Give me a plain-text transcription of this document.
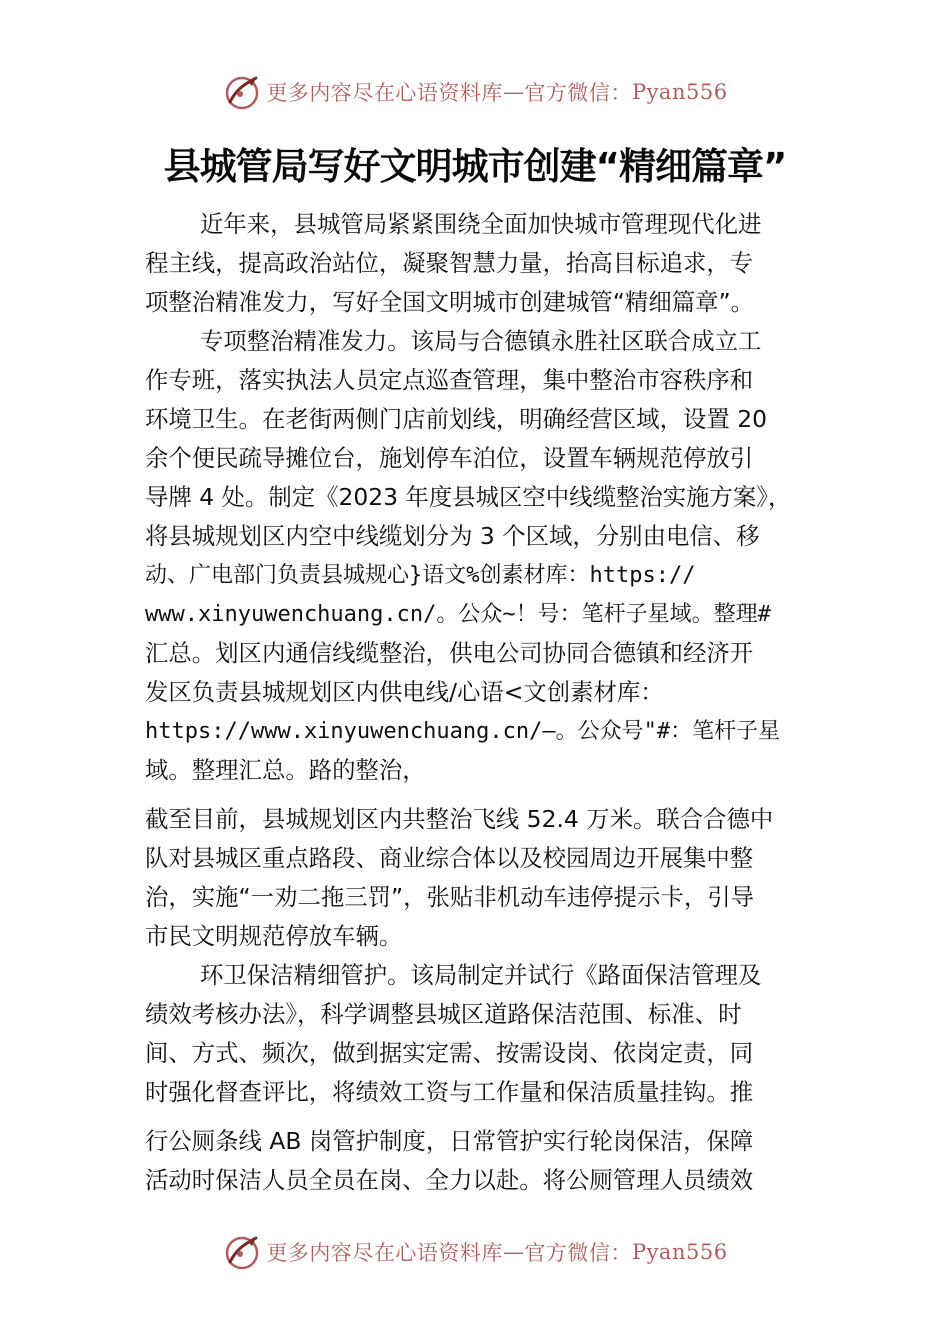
更多内容尽在心语资料库 — 官方微信： Pyan556
县城管局写好文明城市创建“精细篇章”
近年来，县城管局紧紧围绕全面加快城市管理现代化进
程主线，提高政治站位，凝聚智慧力量，抬高目标追求，专
项整治精准发力，写好全国文明城市创建城管“精细篇章”。
专项整治精准发力。该局与合德镇永胜社区联合成立工
作专班，落实执法人员定点巡查管理，集中整治市容秩序和
环境卫生。在老街两侧门店前划线，明确经营区域，设置 20
余个便民疏导摊位台，施划停车泊位，设置车辆规范停放引
导牌 4 处。制定《2023 年度县城区空中线缆整治实施方案》，
将县城规划区内空中线缆划分为 3 个区域，分别由电信、移
动、广电部门负责县城规心}语文%创素材库：https://
www.xinyuwenchuang.cn/。公众~！号：笔杆子星域。整理#
汇总。划区内通信线缆整治，供电公司协同合德镇和经济开
发区负责县城规划区内供电线/心语<文创素材库：
https://www.xinyuwenchuang.cn/—。公众号"#：笔杆子星
域。整理汇总。路的整治，
截至目前，县城规划区内共整治飞线 52.4 万米。联合合德中
队对县城区重点路段、商业综合体以及校园周边开展集中整
治，实施“一劝二拖三罚”，张贴非机动车违停提示卡，引导
市民文明规范停放车辆。
环卫保洁精细管护。该局制定并试行《路面保洁管理及
绩效考核办法》，科学调整县城区道路保洁范围、标准、时
间、方式、频次，做到据实定需、按需设岗、依岗定责，同
时强化督查评比，将绩效工资与工作量和保洁质量挂钩。推
行公厕条线 AB 岗管护制度，日常管护实行轮岗保洁，保障
活动时保洁人员全员在岗、全力以赴。将公厕管理人员绩效
更多内容尽在心语资料库 — 官方微信： Pyan556
